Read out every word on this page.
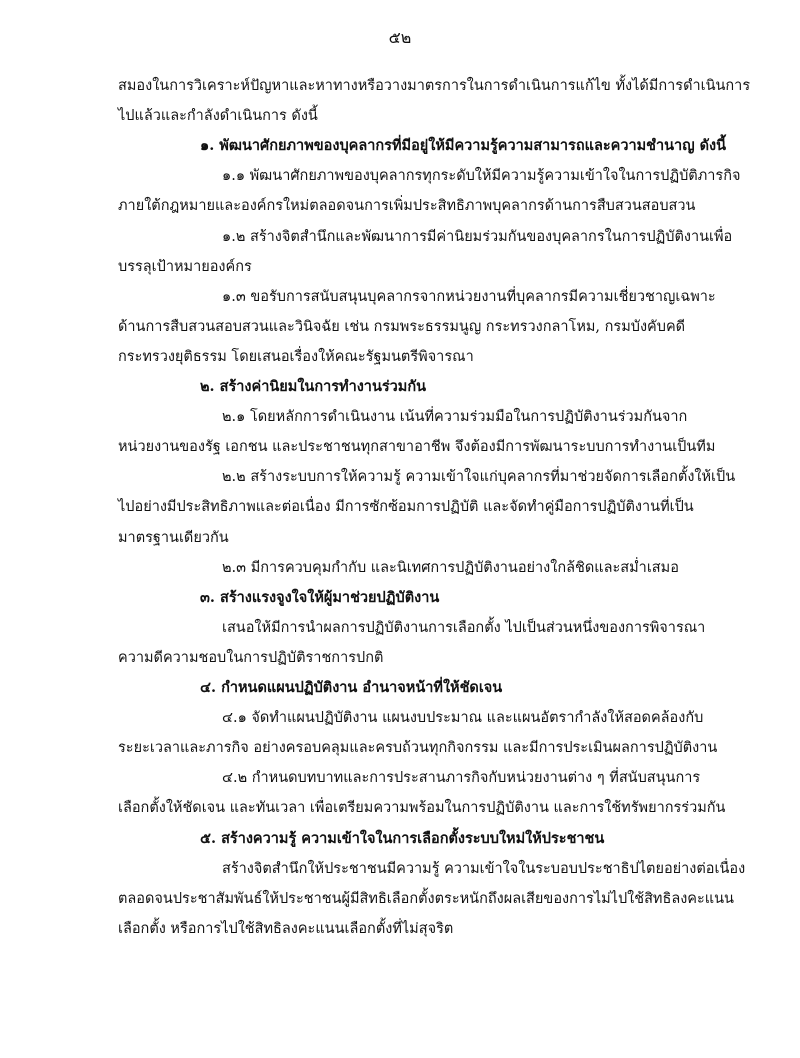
๕๒
สมองในการวิเคราะห์ปัญหาและหาทางหรือวางมาตรการในการดำเนินการแก้ไข ทั้งได้มีการดำเนินการ
ไปแล้วและกำลังดำเนินการ ดังนี้
๑. พัฒนาศักยภาพของบุคลากรที่มีอยู่ให้มีความรู้ความสามารถและความชำนาญ ดังนี้
๑.๑ พัฒนาศักยภาพของบุคลากรทุกระดับให้มีความรู้ความเข้าใจในการปฏิบัติภารกิจ
ภายใต้กฎหมายและองค์กรใหม่ตลอดจนการเพิ่มประสิทธิภาพบุคลากรด้านการสืบสวนสอบสวน
๑.๒ สร้างจิตสำนึกและพัฒนาการมีค่านิยมร่วมกันของบุคลากรในการปฏิบัติงานเพื่อ
บรรลุเป้าหมายองค์กร
๑.๓ ขอรับการสนับสนุนบุคลากรจากหน่วยงานที่บุคลากรมีความเชี่ยวชาญเฉพาะ
ด้านการสืบสวนสอบสวนและวินิจฉัย เช่น กรมพระธรรมนูญ กระทรวงกลาโหม, กรมบังคับคดี
กระทรวงยุติธรรม โดยเสนอเรื่องให้คณะรัฐมนตรีพิจารณา
๒. สร้างค่านิยมในการทำงานร่วมกัน
๒.๑ โดยหลักการดำเนินงาน เน้นที่ความร่วมมือในการปฏิบัติงานร่วมกันจาก
หน่วยงานของรัฐ เอกชน และประชาชนทุกสาขาอาชีพ จึงต้องมีการพัฒนาระบบการทำงานเป็นทีม
๒.๒ สร้างระบบการให้ความรู้ ความเข้าใจแก่บุคลากรที่มาช่วยจัดการเลือกตั้งให้เป็น
ไปอย่างมีประสิทธิภาพและต่อเนื่อง มีการซักซ้อมการปฏิบัติ และจัดทำคู่มือการปฏิบัติงานที่เป็น
มาตรฐานเดียวกัน
๒.๓ มีการควบคุมกำกับ และนิเทศการปฏิบัติงานอย่างใกล้ชิดและสม่ำเสมอ
๓. สร้างแรงจูงใจให้ผู้มาช่วยปฏิบัติงาน
เสนอให้มีการนำผลการปฏิบัติงานการเลือกตั้ง ไปเป็นส่วนหนึ่งของการพิจารณา
ความดีความชอบในการปฏิบัติราชการปกติ
๔. กำหนดแผนปฏิบัติงาน อำนาจหน้าที่ให้ชัดเจน
๔.๑ จัดทำแผนปฏิบัติงาน แผนงบประมาณ และแผนอัตรากำลังให้สอดคล้องกับ
ระยะเวลาและภารกิจ อย่างครอบคลุมและครบถ้วนทุกกิจกรรม และมีการประเมินผลการปฏิบัติงาน
๔.๒ กำหนดบทบาทและการประสานภารกิจกับหน่วยงานต่าง ๆ ที่สนับสนุนการ
เลือกตั้งให้ชัดเจน และทันเวลา เพื่อเตรียมความพร้อมในการปฏิบัติงาน และการใช้ทรัพยากรร่วมกัน
๕. สร้างความรู้ ความเข้าใจในการเลือกตั้งระบบใหม่ให้ประชาชน
สร้างจิตสำนึกให้ประชาชนมีความรู้ ความเข้าใจในระบอบประชาธิปไตยอย่างต่อเนื่อง
ตลอดจนประชาสัมพันธ์ให้ประชาชนผู้มีสิทธิเลือกตั้งตระหนักถึงผลเสียของการไม่ไปใช้สิทธิลงคะแนน
เลือกตั้ง หรือการไปใช้สิทธิลงคะแนนเลือกตั้งที่ไม่สุจริต
